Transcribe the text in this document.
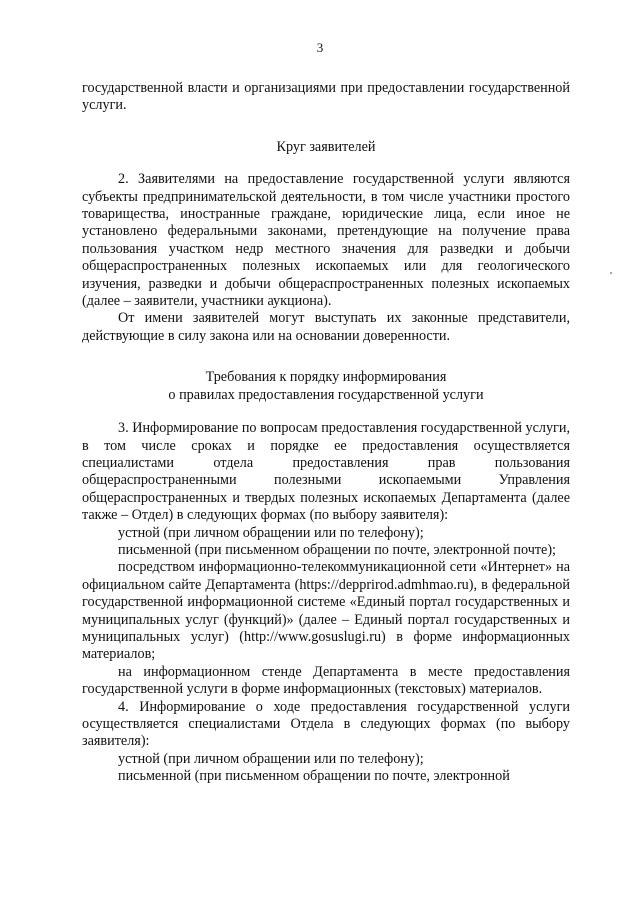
3

государственной власти и организациями при предоставлении государственной услуги.

Круг заявителей

2. Заявителями на предоставление государственной услуги являются субъекты предпринимательской деятельности, в том числе участники простого товарищества, иностранные граждане, юридические лица, если иное не установлено федеральными законами, претендующие на получение права пользования участком недр местного значения для разведки и добычи общераспространенных полезных ископаемых или для геологического изучения, разведки и добычи общераспространенных полезных ископаемых (далее – заявители, участники аукциона).

От имени заявителей могут выступать их законные представители, действующие в силу закона или на основании доверенности.

Требования к порядку информирования
о правилах предоставления государственной услуги

3. Информирование по вопросам предоставления государственной услуги, в том числе сроках и порядке ее предоставления осуществляется специалистами отдела предоставления прав пользования общераспространенными полезными ископаемыми Управления общераспространенных и твердых полезных ископаемых Департамента (далее также – Отдел) в следующих формах (по выбору заявителя):

устной (при личном обращении или по телефону);

письменной (при письменном обращении по почте, электронной почте);

посредством информационно-телекоммуникационной сети «Интернет» на официальном сайте Департамента (https://depprirod.admhmao.ru), в федеральной государственной информационной системе «Единый портал государственных и муниципальных услуг (функций)» (далее – Единый портал государственных и муниципальных услуг) (http://www.gosuslugi.ru) в форме информационных материалов;

на информационном стенде Департамента в месте предоставления государственной услуги в форме информационных (текстовых) материалов.

4. Информирование о ходе предоставления государственной услуги осуществляется специалистами Отдела в следующих формах (по выбору заявителя):

устной (при личном обращении или по телефону);

письменной (при письменном обращении по почте, электронной
